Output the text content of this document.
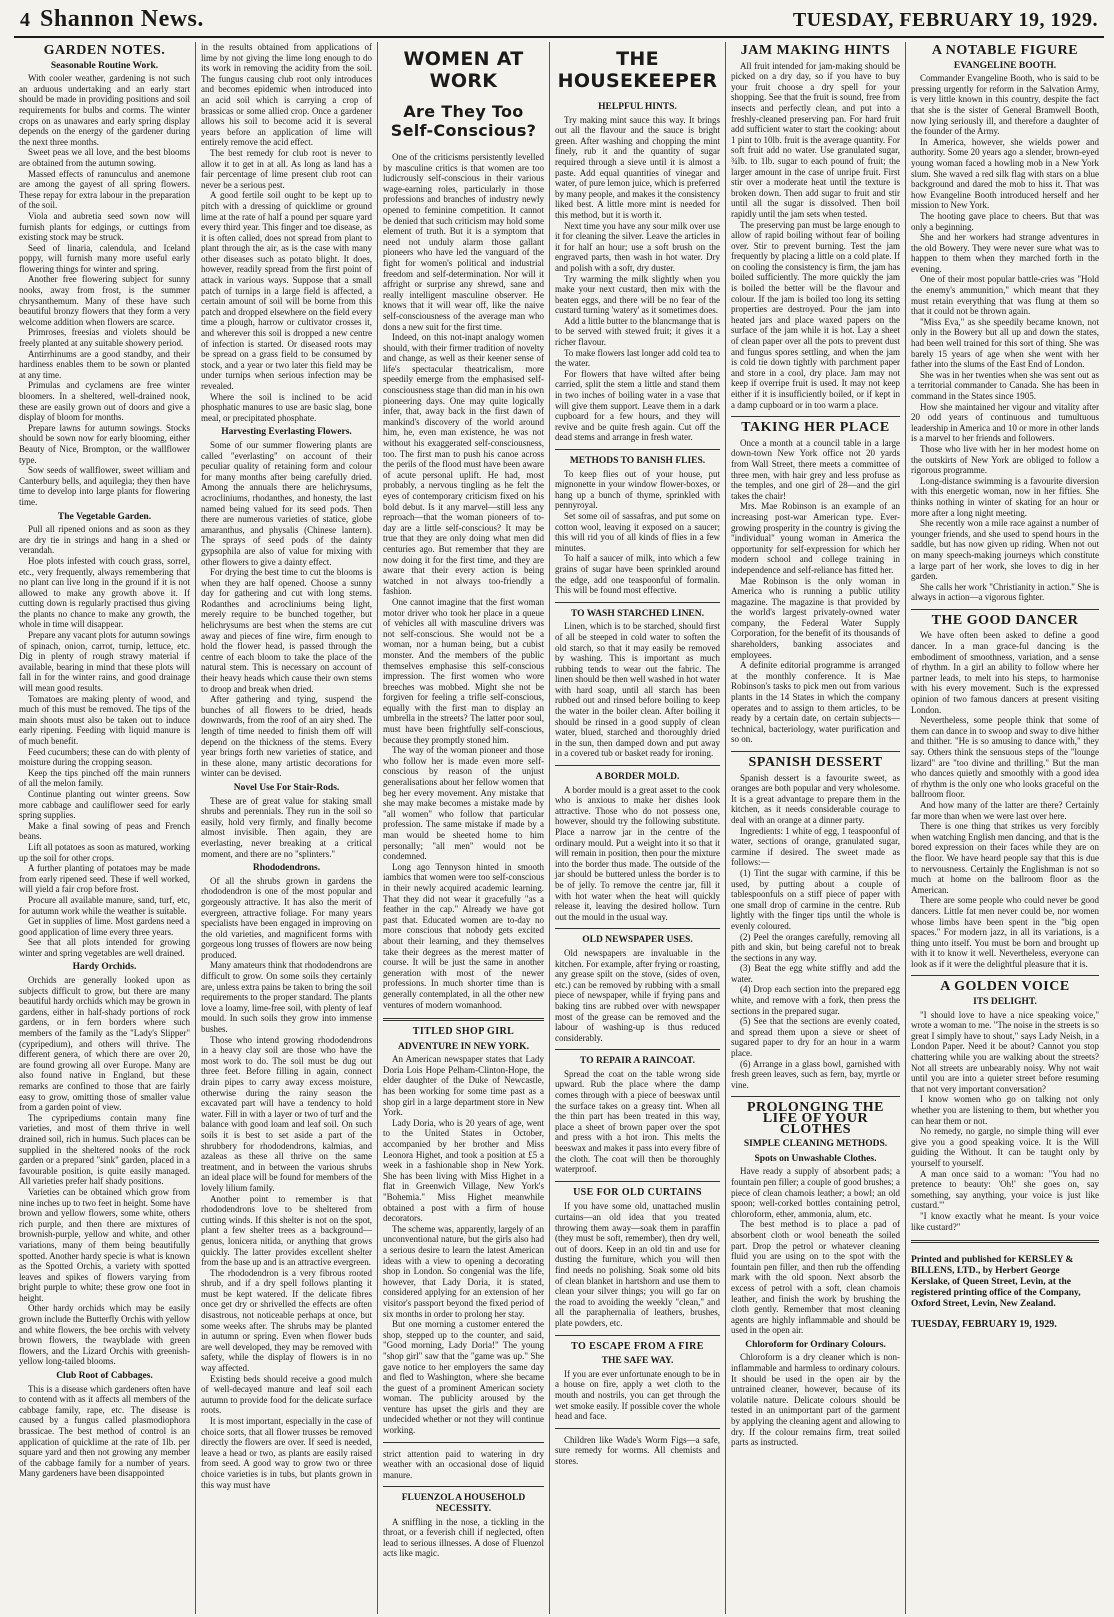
4 Shannon News.	TUESDAY, FEBRUARY 19, 1929.
GARDEN NOTES.
Seasonable Routine Work.

With cooler weather, gardening is not such an arduous undertaking and an early start should be made in providing positions and soil requirements for bulbs and corms. The winter crops on as unawares and early spring display depends on the energy of the gardener during the next three months.

Sweet peas we all love, and the best blooms are obtained from the autumn sowing.

Massed effects of ranunculus and anemone are among the gayest of all spring flowers. These repay for extra labour in the preparation of the soil.

Viola and aubretia seed sown now will furnish plants for edgings, or cuttings from existing stock may be struck.

Seed of linaria, calendula, and Iceland poppy, will furnish many more useful early flowering things for winter and spring.

Another free flowering subject for sunny nooks, away from frost, is the summer chrysanthemum. Many of these have such beautiful bronzy flowers that they form a very welcome addition when flowers are scarce.

Primroses, freesias and violets should be freely planted at any suitable showery period.

Antirrhinums are a good standby, and their hardiness enables them to be sown or planted at any time.

Primulas and cyclamens are free winter bloomers. In a sheltered, well-drained nook, these are easily grown out of doors and give a display of bloom for months.

Prepare lawns for autumn sowings. Stocks should be sown now for early blooming, either Beauty of Nice, Brompton, or the wallflower type.

Sow seeds of wallflower, sweet william and Canterbury bells, and aquilegia; they then have time to develop into large plants for flowering time.

The Vegetable Garden.

Pull all ripened onions and as soon as they are dry tie in strings and hang in a shed or verandah.

Hoe plots infested with couch grass, sorrel, etc., very frequently, always remembering that no plant can live long in the ground if it is not allowed to make any growth above it. If cutting down is regularly practised thus giving the plants no chance to make any growth, the whole in time will disappear.

Prepare any vacant plots for autumn sowings of spinach, onion, carrot, turnip, lettuce, etc. Dig in plenty of rough strawy material if available, bearing in mind that these plots will fall in for the winter rains, and good drainage will mean good results.

Tomatoes are making plenty of wood, and much of this must be removed. The tips of the main shoots must also be taken out to induce early ripening. Feeding with liquid manure is of much benefit.

Feed cucumbers; these can do with plenty of moisture during the cropping season.

Keep the tips pinched off the main runners of all the melon family.

Continue planting out winter greens. Sow more cabbage and cauliflower seed for early spring supplies.

Make a final sowing of peas and French beans.

Lift all potatoes as soon as matured, working up the soil for other crops.

A further planting of potatoes may be made from early ripened seed. These if well worked, will yield a fair crop before frost.

Procure all available manure, sand, turf, etc, for autumn work while the weather is suitable.

Get in supplies of lime. Most gardens need a good application of lime every three years.

See that all plots intended for growing winter and spring vegetables are well drained.

Hardy Orchids.

Orchids are generally looked upon as subjects difficult to grow, but there are many beautiful hardy orchids which may be grown in gardens, either in half-shady portions of rock gardens, or in fern borders where such members of the family as the "Lady's Slipper" (cypripedium), and others will thrive. The different genera, of which there are over 20, are found growing all over Europe. Many are also found native in England, but these remarks are confined to those that are fairly easy to grow, omitting those of smaller value from a garden point of view.

The cypripediums contain many fine varieties, and most of them thrive in well drained soil, rich in humus. Such places can be supplied in the sheltered nooks of the rock garden or a prepared "sink" garden, placed in a favourable position, is quite easily managed. All varieties prefer half shady positions.

Varieties can be obtained which grow from nine inches up to two feet in height. Some have brown and yellow flowers, some white, others rich purple, and then there are mixtures of brownish-purple, yellow and white, and other variations, many of them being beautifully spotted. Another hardy specie is what is known as the Spotted Orchis, a variety with spotted leaves and spikes of flowers varying from bright purple to white; these grow one foot in height.

Other hardy orchids which may be easily grown include the Butterfly Orchis with yellow and white flowers, the bee orchis with velvety brown flowers, the twayblade with green flowers, and the Lizard Orchis with greenish-yellow long-tailed blooms.

Club Root of Cabbages.

This is a disease which gardeners often have to contend with as it affects all members of the cabbage family, rape, etc. The disease is caused by a fungus called plasmodiophora brassicae. The best method of control is an application of quicklime at the rate of 1lb. per square yard and then not growing any member of the cabbage family for a number of years. Many gardeners have been disappointed

in the results obtained from applications of lime by not giving the lime long enough to do its work in removing the acidity from the soil. The fungus causing club root only introduces and becomes epidemic when introduced into an acid soil which is carrying a crop of brassicas or some allied crop. Once a gardener allows his soil to become acid it is several years before an application of lime will entirely remove the acid effect.

The best remedy for club root is never to allow it to get in at all. As long as land has a fair percentage of lime present club root can never be a serious pest.

A good fertile soil ought to be kept up to pitch with a dressing of quicklime or ground lime at the rate of half a pound per square yard every third year. This finger and toe disease, as it is often called, does not spread from plant to plant through the air, as is the case with many other diseases such as potato blight. It does, however, readily spread from the first point of attack in various ways. Suppose that a small patch of turnips in a large field is affected, a certain amount of soil will be borne from this patch and dropped elsewhere on the field every time a plough, harrow or cultivator crosses it, and wherever this soil is dropped a new centre of infection is started. Or diseased roots may be spread on a grass field to be consumed by stock, and a year or two later this field may be under turnips when serious infection may be revealed.

Where the soil is inclined to be acid phosphatic manures to use are basic slag, bone meal, or precipitated phosphate.

Harvesting Everlasting Flowers.

Some of our summer flowering plants are called "everlasting" on account of their peculiar quality of retaining form and colour for many months after being carefully dried. Among the annuals there are helichrysums, acrocliniums, rhodanthes, and honesty, the last named being valued for its seed pods. Then there are numerous varieties of statice, globe amaranthus, and physalis (Chinese lantern). The sprays of seed pods of the dainty gypsophila are also of value for mixing with other flowers to give a dainty effect.

For drying the best time to cut the blooms is when they are half opened. Choose a sunny day for gathering and cut with long stems. Rodanthes and acrocliniums being light, merely require to be bunched together, but helichrysums are best when the stems are cut away and pieces of fine wire, firm enough to hold the flower head, is passed through the centre of each bloom to take the place of the natural stem. This is necessary on account of their heavy heads which cause their own stems to droop and break when dried.

After gathering and tying, suspend the bunches of all flowers to be dried, heads downwards, from the roof of an airy shed. The length of time needed to finish them off will depend on the thickness of the stems. Every year brings forth new varieties of statice, and in these alone, many artistic decorations for winter can be devised.

Novel Use For Stair-Rods.

These are of great value for staking small shrubs and perennials. They run in the soil so easily, hold very firmly, and finally become almost invisible. Then again, they are everlasting, never breaking at a critical moment, and there are no "splinters."

Rhododendrons.

Of all the shrubs grown in gardens the rhododendron is one of the most popular and gorgeously attractive. It has also the merit of evergreen, attractive foliage. For many years specialists have been engaged in improving on the old varieties, and magnificent forms with gorgeous long trusses of flowers are now being produced.

Many amateurs think that rhododendrons are difficult to grow. On some soils they certainly are, unless extra pains be taken to bring the soil requirements to the proper standard. The plants love a loamy, lime-free soil, with plenty of leaf mould. In such soils they grow into immense bushes.

Those who intend growing rhododendrons in a heavy clay soil are those who have the most work to do. The soil must be dug out three feet. Before filling in again, connect drain pipes to carry away excess moisture, otherwise during the rainy season the excavated part will have a tendency to hold water. Fill in with a layer or two of turf and the balance with good loam and leaf soil. On such soils it is best to set aside a part of the shrubbery for rhododendrons, kalmias, and azaleas as these all thrive on the same treatment, and in between the various shrubs an ideal place will be found for members of the lovely lilium family.

Another point to remember is that rhododendrons love to be sheltered from cutting winds. If this shelter is not on the spot, plant a few shelter trees as a background—genus, lonicera nitida, or anything that grows quickly. The latter provides excellent shelter from the base up and is an attractive evergreen.

The rhododendron is a very fibrous rooted shrub, and if a dry spell follows planting it must be kept watered. If the delicate fibres once get dry or shrivelled the effects are often disastrous, not noticeable perhaps at once, but some weeks after. The shrubs may be planted in autumn or spring. Even when flower buds are well developed, they may be removed with safety, while the display of flowers is in no way affected.

Existing beds should receive a good mulch of well-decayed manure and leaf soil each autumn to provide food for the delicate surface roots.

It is most important, especially in the case of choice sorts, that all flower trusses be removed directly the flowers are over. If seed is needed, leave a head or two, as plants are easily raised from seed. A good way to grow two or three choice varieties is in tubs, but plants grown in this way must have

WOMEN AT WORK
Are They Too Self-Conscious?

One of the criticisms persistently levelled by masculine critics is that women are too ludicrously self-conscious in their various wage-earning roles, particularly in those professions and branches of industry newly opened to feminine competition. It cannot be denied that such criticism may hold some element of truth. But it is a symptom that need not unduly alarm those gallant pioneers who have led the vanguard of the fight for women's political and industrial freedom and self-determination. Nor will it affright or surprise any shrewd, sane and really intelligent masculine observer. He knows that it will wear off, like the naive self-consciousness of the average man who dons a new suit for the first time.

Indeed, on this not-inapt analogy women should, with their firmer tradition of novelty and change, as well as their keener sense of life's spectacular theatricalism, more speedily emerge from the emphasised self-consciousness stage than did man in his own pioneering days. One may quite logically infer, that, away back in the first dawn of mankind's discovery of the world around him, he, even man existence, he was not without his exaggerated self-consciousness, too. The first man to push his canoe across the perils of the flood must have been aware of acute personal uplift. He had, most probably, a nervous tingling as he felt the eyes of contemporary criticism fixed on his bold debut. Is it any marvel—still less any reproach—that the woman pioneers of to-day are a little self-conscious? It may be true that they are only doing what men did centuries ago. But remember that they are now doing it for the first time, and they are aware that their every action is being watched in not always too-friendly a fashion.

One cannot imagine that the first woman motor driver who took her place in a queue of vehicles all with masculine drivers was not self-conscious. She would not be a woman, nor a human being, but a cubist monster. And the members of the public themselves emphasise this self-conscious impression. The first women who wore breeches was mobbed. Might she not be forgiven for feeling a trifle self-conscious, equally with the first man to display an umbrella in the streets? The latter poor soul, must have been frightfully self-conscious, because they promptly stoned him.

The way of the woman pioneer and those who follow her is made even more self-conscious by reason of the unjust generalisations about her fellow women that beg her every movement. Any mistake that she may make becomes a mistake made by "all women" who follow that particular profession. The same mistake if made by a man would be sheeted home to him personally; "all men" would not be condemned.

Long ago Tennyson hinted in smooth iambics that women were too self-conscious in their newly acquired academic learning. That they did not wear it gracefully "as a feather in the cap." Already we have got past that. Educated women are to-day no more conscious that nobody gets excited about their learning, and they themselves take their degrees as the merest matter of course. It will be just the same in another generation with most of the newer professions. In much shorter time than is generally contemplated, in all the other new ventures of modern womanhood.

TITLED SHOP GIRL
ADVENTURE IN NEW YORK.

An American newspaper states that Lady Doria Lois Hope Pelham-Clinton-Hope, the elder daughter of the Duke of Newcastle, has been working for some time past as a shop girl in a large department store in New York.

Lady Doria, who is 20 years of age, went to the United States in October, accompanied by her brother and Miss Leonora Highet, and took a position at £5 a week in a fashionable shop in New York. She has been living with Miss Highet in a flat in Greenwich Village, New York's "Bohemia." Miss Highet meanwhile obtained a post with a firm of house decorators.

The scheme was, apparently, largely of an unconventional nature, but the girls also had a serious desire to learn the latest American ideas with a view to opening a decorating shop in London. So congenial was the life, however, that Lady Doria, it is stated, considered applying for an extension of her visitor's passport beyond the fixed period of six months in order to prolong her stay.

But one morning a customer entered the shop, stepped up to the counter, and said, "Good morning, Lady Doria!" The young "shop girl" saw that the "game was up." She gave notice to her employers the same day and fled to Washington, where she became the guest of a prominent American society woman. The publicity aroused by the venture has upset the girls and they are undecided whether or not they will continue working.

strict attention paid to watering in dry weather with an occasional dose of liquid manure.

FLUENZOL A HOUSEHOLD NECESSITY.

A sniffling in the nose, a tickling in the throat, or a feverish chill if neglected, often lead to serious illnesses. A dose of Fluenzol acts like magic.

THE HOUSEKEEPER
HELPFUL HINTS.

Try making mint sauce this way. It brings out all the flavour and the sauce is bright green. After washing and chopping the mint finely, rub it and the quantity of sugar required through a sieve until it is almost a paste. Add equal quantities of vinegar and water, of pure lemon juice, which is preferred by many people, and makes it the consistency liked best. A little more mint is needed for this method, but it is worth it.

Next time you have any sour milk over use it for cleaning the silver. Leave the articles in it for half an hour; use a soft brush on the engraved parts, then wash in hot water. Dry and polish with a soft, dry duster.

Try warming the milk slightly when you make your next custard, then mix with the beaten eggs, and there will be no fear of the custard turning 'watery' as it sometimes does.

Add a little butter to the blancmange that is to be served with stewed fruit; it gives it a richer flavour.

To make flowers last longer add cold tea to the water.

For flowers that have wilted after being carried, split the stem a little and stand them in two inches of boiling water in a vase that will give them support. Leave them in a dark cupboard for a few hours, and they will revive and be quite fresh again. Cut off the dead stems and arrange in fresh water.

METHODS TO BANISH FLIES.

To keep flies out of your house, put mignonette in your window flower-boxes, or hang up a bunch of thyme, sprinkled with pennyroyal.

Set some oil of sassafras, and put some on cotton wool, leaving it exposed on a saucer; this will rid you of all kinds of flies in a few minutes.

To half a saucer of milk, into which a few grains of sugar have been sprinkled around the edge, add one teaspoonful of formalin. This will be found most effective.

TO WASH STARCHED LINEN.

Linen, which is to be starched, should first of all be steeped in cold water to soften the old starch, so that it may easily be removed by washing. This is important as much rubbing tends to wear out the fabric. The linen should be then well washed in hot water with hard soap, until all starch has been rubbed out and rinsed before boiling to keep the water in the boiler clean. After boiling it should be rinsed in a good supply of clean water, blued, starched and thoroughly dried in the sun, then damped down and put away in a covered tub or basket ready for ironing.

A BORDER MOLD.

A border mould is a great asset to the cook who is anxious to make her dishes look attractive. Those who do not possess one, however, should try the following substitute. Place a narrow jar in the centre of the ordinary mould. Put a weight into it so that it will remain in position, then pour the mixture into the border thus made. The outside of the jar should be buttered unless the border is to be of jelly. To remove the centre jar, fill it with hot water when the heat will quickly release it, leaving the desired hollow. Turn out the mould in the usual way.

OLD NEWSPAPER USES.

Old newspapers are invaluable in the kitchen. For example, after frying or roasting, any grease spilt on the stove, (sides of oven, etc.) can be removed by rubbing with a small piece of newspaper, while if frying pans and baking tins are rubbed over with newspaper most of the grease can be removed and the labour of washing-up is thus reduced considerably.

TO REPAIR A RAINCOAT.

Spread the coat on the table wrong side upward. Rub the place where the damp comes through with a piece of beeswax until the surface takes on a greasy tint. When all the thin part has been treated in this way, place a sheet of brown paper over the spot and press with a hot iron. This melts the beeswax and makes it pass into every fibre of the cloth. The coat will then be thoroughly waterproof.

USE FOR OLD CURTAINS

If you have some old, unattached muslin curtains—an old idea that you treated throwing them away—soak them in paraffin (they must be soft, remember), then dry well, out of doors. Keep in an old tin and use for dusting the furniture, which you will then find needs no polishing. Soak some old bits of clean blanket in hartshorn and use them to clean your silver things; you will go far on the road to avoiding the weekly "clean," and all the paraphernalia of leathers, brushes, plate powders, etc.

TO ESCAPE FROM A FIRE
THE SAFE WAY.

If you are ever unfortunate enough to be in a house on fire, apply a wet cloth to the mouth and nostrils, you can get through the wet smoke easily. If possible cover the whole head and face.

Children like Wade's Worm Figs—a safe, sure remedy for worms. All chemists and stores.

JAM MAKING HINTS

All fruit intended for jam-making should be picked on a dry day, so if you have to buy your fruit choose a dry spell for your shopping. See that the fruit is sound, free from insects and perfectly clean, and put into a freshly-cleaned preserving pan. For hard fruit add sufficient water to start the cooking: about 1 pint to 10lb. fruit is the average quantity. For soft fruit add no water. Use granulated sugar, ¾lb. to 1lb. sugar to each pound of fruit; the larger amount in the case of unripe fruit. First stir over a moderate heat until the texture is broken down. Then add sugar to fruit and stir until all the sugar is dissolved. Then boil rapidly until the jam sets when tested.

The preserving pan must be large enough to allow of rapid boiling without fear of boiling over. Stir to prevent burning. Test the jam frequently by placing a little on a cold plate. If on cooling the consistency is firm, the jam has boiled sufficiently. The more quickly the jam is boiled the better will be the flavour and colour. If the jam is boiled too long its setting properties are destroyed. Pour the jam into heated jars and place waxed papers on the surface of the jam while it is hot. Lay a sheet of clean paper over all the pots to prevent dust and fungus spores settling, and when the jam is cold tie down tightly with parchment paper and store in a cool, dry place. Jam may not keep if overripe fruit is used. It may not keep either if it is insufficiently boiled, or if kept in a damp cupboard or in too warm a place.

TAKING HER PLACE

Once a month at a council table in a large down-town New York office not 20 yards from Wall Street, there meets a committee of three men, with hair grey and less profuse as the temples, and one girl of 28—and the girl takes the chair!

Mrs. Mae Robinson is an example of an increasing post-war American type. Ever-growing prosperity in the country is giving the "individual" young woman in America the opportunity for self-expression for which her modern school and college training in independence and self-reliance has fitted her.

Mae Robinson is the only woman in America who is running a public utility magazine. The magazine is that provided by the world's largest privately-owned water company, the Federal Water Supply Corporation, for the benefit of its thousands of shareholders, banking associates and employees.

A definite editorial programme is arranged at the monthly conference. It is Mae Robinson's tasks to pick men out from various plants in the 14 States in which the company operates and to assign to them articles, to be ready by a certain date, on certain subjects—technical, bacteriology, water purification and so on.

SPANISH DESSERT

Spanish dessert is a favourite sweet, as oranges are both popular and very wholesome. It is a great advantage to prepare them in the kitchen, as it needs considerable courage to deal with an orange at a dinner party.

Ingredients: 1 white of egg, 1 teaspoonful of water, sections of orange, granulated sugar, carmine if desired. The sweet made as follows:—

(1) Tint the sugar with carmine, if this be used, by putting about a couple of tablespoonfuls on a stiff piece of paper with one small drop of carmine in the centre. Rub lightly with the finger tips until the whole is evenly coloured.

(2) Peel the oranges carefully, removing all pith and skin, but being careful not to break the sections in any way.

(3) Beat the egg white stiffly and add the water.

(4) Drop each section into the prepared egg white, and remove with a fork, then press the sections in the prepared sugar.

(5) See that the sections are evenly coated, and spread them upon a sieve or sheet of sugared paper to dry for an hour in a warm place.

(6) Arrange in a glass bowl, garnished with fresh green leaves, such as fern, bay, myrtle or vine.

PROLONGING THE LIFE OF YOUR CLOTHES
SIMPLE CLEANING METHODS.
Spots on Unwashable Clothes.

Have ready a supply of absorbent pads; a fountain pen filler; a couple of good brushes; a piece of clean chamois leather; a bowl; an old spoon; well-corked bottles containing petrol, chloroform, ether, ammonia, alum, etc.

The best method is to place a pad of absorbent cloth or wool beneath the soiled part. Drop the petrol or whatever cleaning fluid you are using on to the spot with the fountain pen filler, and then rub the offending mark with the old spoon. Next absorb the excess of petrol with a soft, clean chamois leather, and finish the work by brushing the cloth gently. Remember that most cleaning agents are highly inflammable and should be used in the open air.

Chloroform for Ordinary Colours.

Chloroform is a dry cleaner which is non-inflammable and harmless to ordinary colours. It should be used in the open air by the untrained cleaner, however, because of its volatile nature. Delicate colours should be tested in an unimportant part of the garment by applying the cleaning agent and allowing to dry. If the colour remains firm, treat soiled parts as instructed.

A NOTABLE FIGURE
EVANGELINE BOOTH.

Commander Evangeline Booth, who is said to be pressing urgently for reform in the Salvation Army, is very little known in this country, despite the fact that she is the sister of General Bramwell Booth, now lying seriously ill, and therefore a daughter of the founder of the Army.

In America, however, she wields power and authority. Some 20 years ago a slender, brown-eyed young woman faced a howling mob in a New York slum. She waved a red silk flag with stars on a blue background and dared the mob to hiss it. That was how Evangeline Booth introduced herself and her mission to New York.

The hooting gave place to cheers. But that was only a beginning.

She and her workers had strange adventures in the old Bowery. They were never sure what was to happen to them when they marched forth in the evening.

One of their most popular battle-cries was "Hold the enemy's ammunition," which meant that they must retain everything that was flung at them so that it could not be thrown again.

"Miss Eva," as she speedily became known, not only in the Bowery but all up and down the states, had been well trained for this sort of thing. She was barely 15 years of age when she went with her father into the slums of the East End of London.

She was in her twenties when she was sent out as a territorial commander to Canada. She has been in command in the States since 1905.

How she maintained her vigour and vitality after 20 odd years of continuous and tumultuous leadership in America and 10 or more in other lands is a marvel to her friends and followers.

Those who live with her in her modest home on the outskirts of New York are obliged to follow a rigorous programme.

Long-distance swimming is a favourite diversion with this energetic woman, now in her fifties. She thinks nothing in winter of skating for an hour or more after a long night meeting.

She recently won a mile race against a number of younger friends, and she used to spend hours in the saddle, but has now given up riding. When not out on many speech-making journeys which constitute a large part of her work, she loves to dig in her garden.

She calls her work "Christianity in action." She is always in action—a vigorous fighter.

THE GOOD DANCER

We have often been asked to define a good dancer. In a man grace-ful dancing is the embodiment of smoothness, variation, and a sense of rhythm. In a girl an ability to follow where her partner leads, to melt into his steps, to harmonise with his every movement. Such is the expressed opinion of two famous dancers at present visiting London.

Nevertheless, some people think that some of them can dance in to swoop and sway to dive hither and thither. "He is so amusing to dance with," they say. Others think the sensuous steps of the "lounge lizard" are "too divine and thrilling." But the man who dances quietly and smoothly with a good idea of rhythm is the only one who looks graceful on the ballroom floor.

And how many of the latter are there? Certainly far more than when we were last over here.

There is one thing that strikes us very forcibly when watching English men dancing, and that is the bored expression on their faces while they are on the floor. We have heard people say that this is due to nervousness. Certainly the Englishman is not so much at home on the ballroom floor as the American.

There are some people who could never be good dancers. Little fat men never could be, nor women whose limbs have been spent in the "big open spaces." For modern jazz, in all its variations, is a thing unto itself. You must be born and brought up with it to know it well. Nevertheless, everyone can look as if it were the delightful pleasure that it is.

A GOLDEN VOICE
ITS DELIGHT.

"I should love to have a nice speaking voice," wrote a woman to me. "The noise in the streets is so great I simply have to shout," says Lady Neish, in a London Paper. Need it be about? Cannot you stop chattering while you are walking about the streets? Not all streets are unbearably noisy. Why not wait until you are into a quieter street before resuming that not very important conversation?

I know women who go on talking not only whether you are listening to them, but whether you can hear them or not.

No remedy, no gargle, no simple thing will ever give you a good speaking voice. It is the Will guiding the Without. It can be taught only by yourself to yourself.

A man once said to a woman: "You had no pretence to beauty: 'Oh!' she goes on, say something, say anything, your voice is just like custard.'"

"I know exactly what he meant. Is your voice like custard?"

Printed and published for KERSLEY & BILLENS, LTD., by Herbert George Kerslake, of Queen Street, Levin, at the registered printing office of the Company, Oxford Street, Levin, New Zealand.
TUESDAY, FEBRUARY 19, 1929.
